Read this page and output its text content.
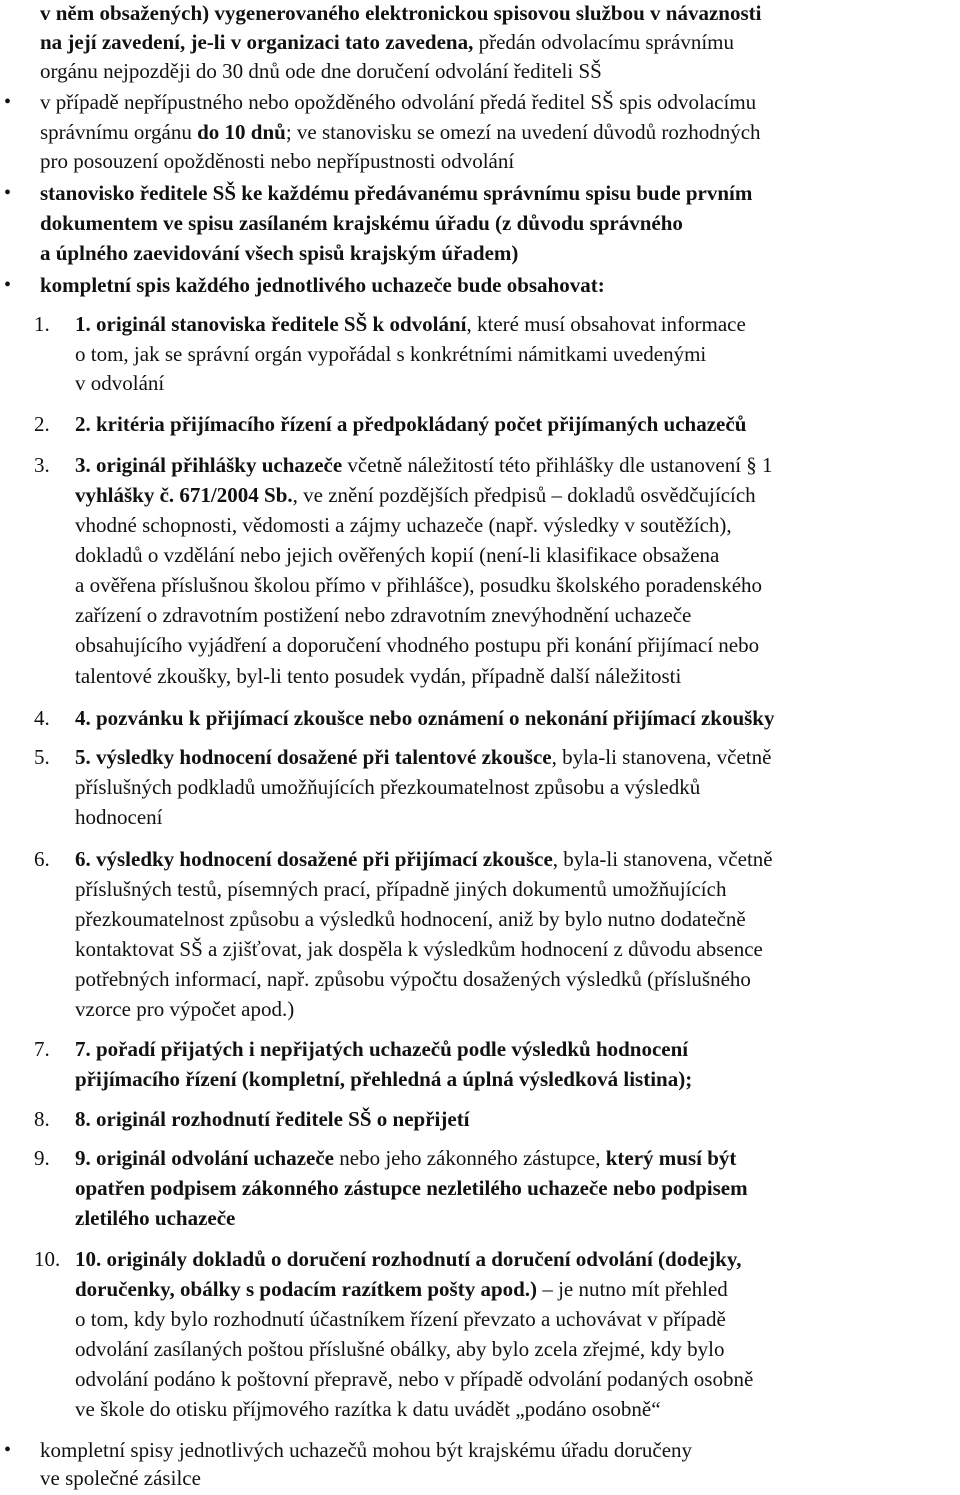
v něm obsažených) vygenerovaného elektronickou spisovou službou v návaznosti
na její zavedení, je-li v organizaci tato zavedena, předán odvolacímu správnímu
orgánu nejpozději do 30 dnů ode dne doručení odvolání řediteli SŠ
• v případě nepřípustného nebo opožděného odvolání předá ředitel SŠ spis odvolacímu
správnímu orgánu do 10 dnů; ve stanovisku se omezí na uvedení důvodů rozhodných
pro posouzení opožděnosti nebo nepřípustnosti odvolání
• stanovisko ředitele SŠ ke každému předávanému správnímu spisu bude prvním
dokumentem ve spisu zasílaném krajskému úřadu (z důvodu správného
a úplného zaevidování všech spisů krajským úřadem)
• kompletní spis každého jednotlivého uchazeče bude obsahovat:
1. 1. originál stanoviska ředitele SŠ k odvolání, které musí obsahovat informace
o tom, jak se správní orgán vypořádal s konkrétními námitkami uvedenými
v odvolání
2. 2. kritéria přijímacího řízení a předpokládaný počet přijímaných uchazečů
3. 3. originál přihlášky uchazeče včetně náležitostí této přihlášky dle ustanovení § 1
vyhlášky č. 671/2004 Sb., ve znění pozdějších předpisů – dokladů osvědčujících
vhodné schopnosti, vědomosti a zájmy uchazeče (např. výsledky v soutěžích),
dokladů o vzdělání nebo jejich ověřených kopií (není-li klasifikace obsažena
a ověřena příslušnou školou přímo v přihlášce), posudku školského poradenského
zařízení o zdravotním postižení nebo zdravotním znevýhodnění uchazeče
obsahujícího vyjádření a doporučení vhodného postupu při konání přijímací nebo
talentové zkoušky, byl-li tento posudek vydán, případně další náležitosti
4. 4. pozvánku k přijímací zkoušce nebo oznámení o nekonání přijímací zkoušky
5. 5. výsledky hodnocení dosažené při talentové zkoušce, byla-li stanovena, včetně
příslušných podkladů umožňujících přezkoumatelnost způsobu a výsledků
hodnocení
6. 6. výsledky hodnocení dosažené při přijímací zkoušce, byla-li stanovena, včetně
příslušných testů, písemných prací, případně jiných dokumentů umožňujících
přezkoumatelnost způsobu a výsledků hodnocení, aniž by bylo nutno dodatečně
kontaktovat SŠ a zjišťovat, jak dospěla k výsledkům hodnocení z důvodu absence
potřebných informací, např. způsobu výpočtu dosažených výsledků (příslušného
vzorce pro výpočet apod.)
7. 7. pořadí přijatých i nepřijatých uchazečů podle výsledků hodnocení
přijímacího řízení (kompletní, přehledná a úplná výsledková listina);
8. 8. originál rozhodnutí ředitele SŠ o nepřijetí
9. 9. originál odvolání uchazeče nebo jeho zákonného zástupce, který musí být
opatřen podpisem zákonného zástupce nezletilého uchazeče nebo podpisem
zletilého uchazeče
10. 10. originály dokladů o doručení rozhodnutí a doručení odvolání (dodejky,
doručenky, obálky s podacím razítkem pošty apod.) – je nutno mít přehled
o tom, kdy bylo rozhodnutí účastníkem řízení převzato a uchovávat v případě
odvolání zasílaných poštou příslušné obálky, aby bylo zcela zřejmé, kdy bylo
odvolání podáno k poštovní přepravě, nebo v případě odvolání podaných osobně
ve škole do otisku příjmového razítka k datu uvádět „podáno osobně“
• kompletní spisy jednotlivých uchazečů mohou být krajskému úřadu doručeny
ve společné zásilce
